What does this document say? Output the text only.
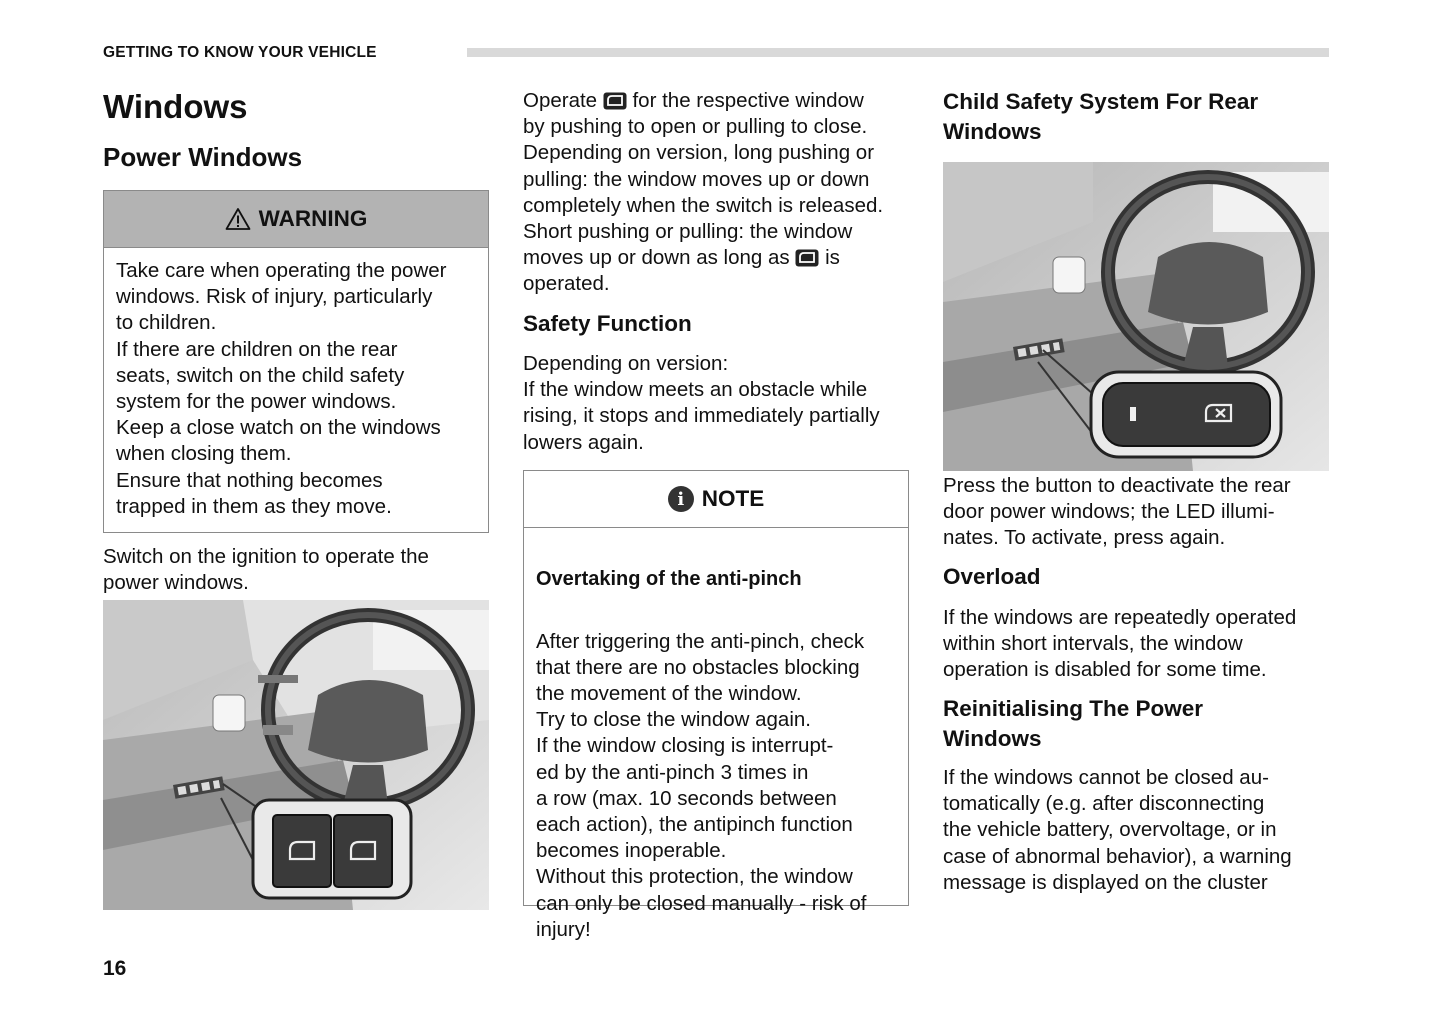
GETTING TO KNOW YOUR VEHICLE
Windows
Power Windows
WARNING
Take care when operating the power
windows. Risk of injury, particularly
to children.
If there are children on the rear
seats, switch on the child safety
system for the power windows.
Keep a close watch on the windows
when closing them.
Ensure that nothing becomes
trapped in them as they move.
Switch on the ignition to operate the
power windows.
Operate for the respective window
by pushing to open or pulling to close.
Depending on version, long pushing or
pulling: the window moves up or down
completely when the switch is released.
Short pushing or pulling: the window
moves up or down as long as is
operated.
Safety Function
Depending on version:
If the window meets an obstacle while
rising, it stops and immediately partially
lowers again.
i NOTE

Overtaking of the anti-pinch

After triggering the anti-pinch, check
that there are no obstacles blocking
the movement of the window.
Try to close the window again.
If the window closing is interrupt-
ed by the anti-pinch 3 times in
a row (max. 10 seconds between
each action), the antipinch function
becomes inoperable.
Without this protection, the window
can only be closed manually - risk of
injury!

Child Safety System For Rear
Windows
Press the button to deactivate the rear
door power windows; the LED illumi-
nates. To activate, press again.
Overload
If the windows are repeatedly operated
within short intervals, the window
operation is disabled for some time.
Reinitialising The Power
Windows
If the windows cannot be closed au-
tomatically (e.g. after disconnecting
the vehicle battery, overvoltage, or in
case of abnormal behavior), a warning
message is displayed on the cluster
16
